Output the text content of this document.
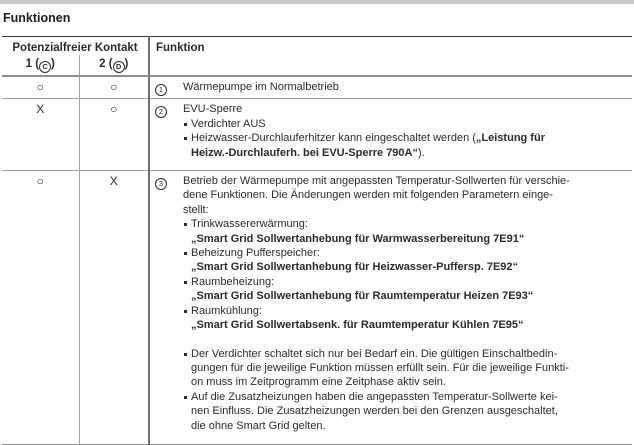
Funktionen
Potenzialfreier Kontakt		Funktion
1 ( C )	2 ( D )	
○	○	1 Wärmepumpe im Normalbetrieb

X	○	2	EVU-Sperre
Verdichter AUS
Heizwasser-Durchlauferhitzer kann eingeschaltet werden („Leistung für
Heizw.-Durchlauferh. bei EVU-Sperre 790A“).

○	X	3	Betrieb der Wärmepumpe mit angepassten Temperatur-Sollwerten für verschie-
dene Funktionen. Die Änderungen werden mit folgenden Parametern einge-
stellt:
Trinkwassererwärmung:
„Smart Grid Sollwertanhebung für Warmwasserbereitung 7E91“
Beheizung Pufferspeicher:
„Smart Grid Sollwertanhebung für Heizwasser-Puffersp. 7E92“
Raumbeheizung:
„Smart Grid Sollwertanhebung für Raumtemperatur Heizen 7E93“
Raumkühlung:
„Smart Grid Sollwertabsenk. für Raumtemperatur Kühlen 7E95“
Der Verdichter schaltet sich nur bei Bedarf ein. Die gültigen Einschaltbedin-
gungen für die jeweilige Funktion müssen erfüllt sein. Für die jeweilige Funkti-
on muss im Zeitprogramm eine Zeitphase aktiv sein.
Auf die Zusatzheizungen haben die angepassten Temperatur-Sollwerte kei-
nen Einfluss. Die Zusatzheizungen werden bei den Grenzen ausgeschaltet,
die ohne Smart Grid gelten.
